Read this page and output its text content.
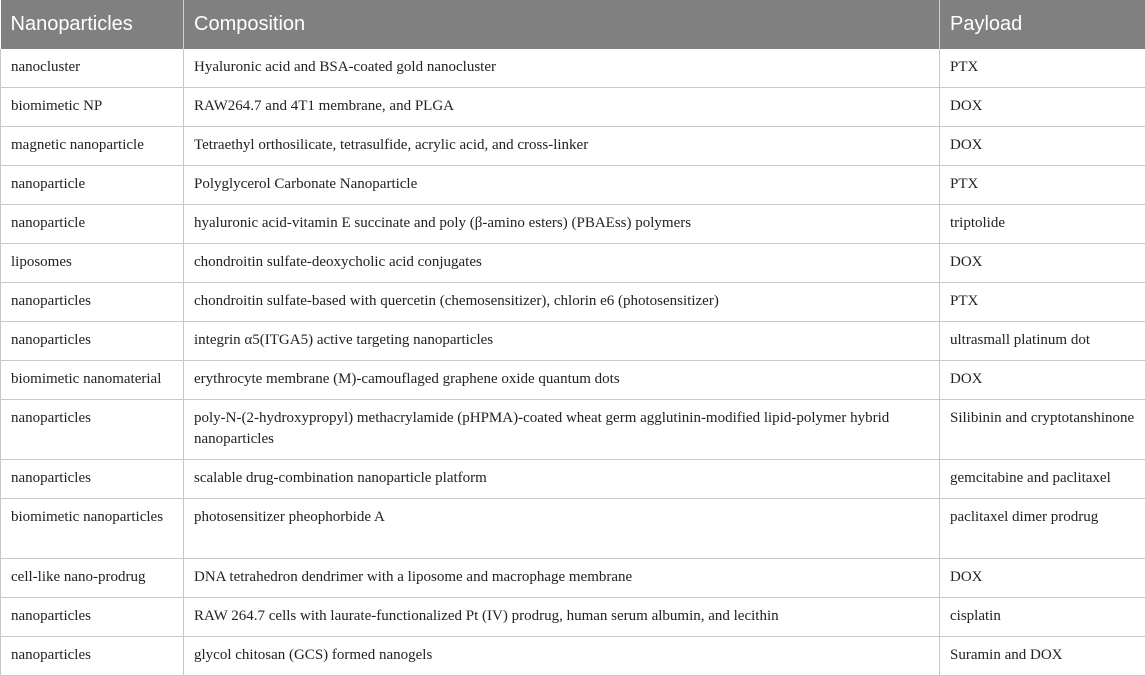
Nanoparticles	Composition	Payload
nanocluster	Hyaluronic acid and BSA-coated gold nanocluster	PTX
biomimetic NP	RAW264.7 and 4T1 membrane, and PLGA	DOX
magnetic nanoparticle	Tetraethyl orthosilicate, tetrasulfide, acrylic acid, and cross-linker	DOX
nanoparticle	Polyglycerol Carbonate Nanoparticle	PTX
nanoparticle	hyaluronic acid-vitamin E succinate and poly (β-amino esters) (PBAEss) polymers	triptolide
liposomes	chondroitin sulfate-deoxycholic acid conjugates	DOX
nanoparticles	chondroitin sulfate-based with quercetin (chemosensitizer), chlorin e6 (photosensitizer)	PTX
nanoparticles	integrin α5(ITGA5) active targeting nanoparticles	ultrasmall platinum dot
biomimetic nanomaterial	erythrocyte membrane (M)-camouflaged graphene oxide quantum dots	DOX
nanoparticles	poly-N-(2-hydroxypropyl) methacrylamide (pHPMA)-coated wheat germ agglutinin-modified lipid-polymer hybrid nanoparticles	Silibinin and cryptotanshinone
nanoparticles	scalable drug-combination nanoparticle platform	gemcitabine and paclitaxel
biomimetic nanoparticles	photosensitizer pheophorbide A	paclitaxel dimer prodrug
cell-like nano-prodrug	DNA tetrahedron dendrimer with a liposome and macrophage membrane	DOX
nanoparticles	RAW 264.7 cells with laurate-functionalized Pt (IV) prodrug, human serum albumin, and lecithin	cisplatin
nanoparticles	glycol chitosan (GCS) formed nanogels	Suramin and DOX
